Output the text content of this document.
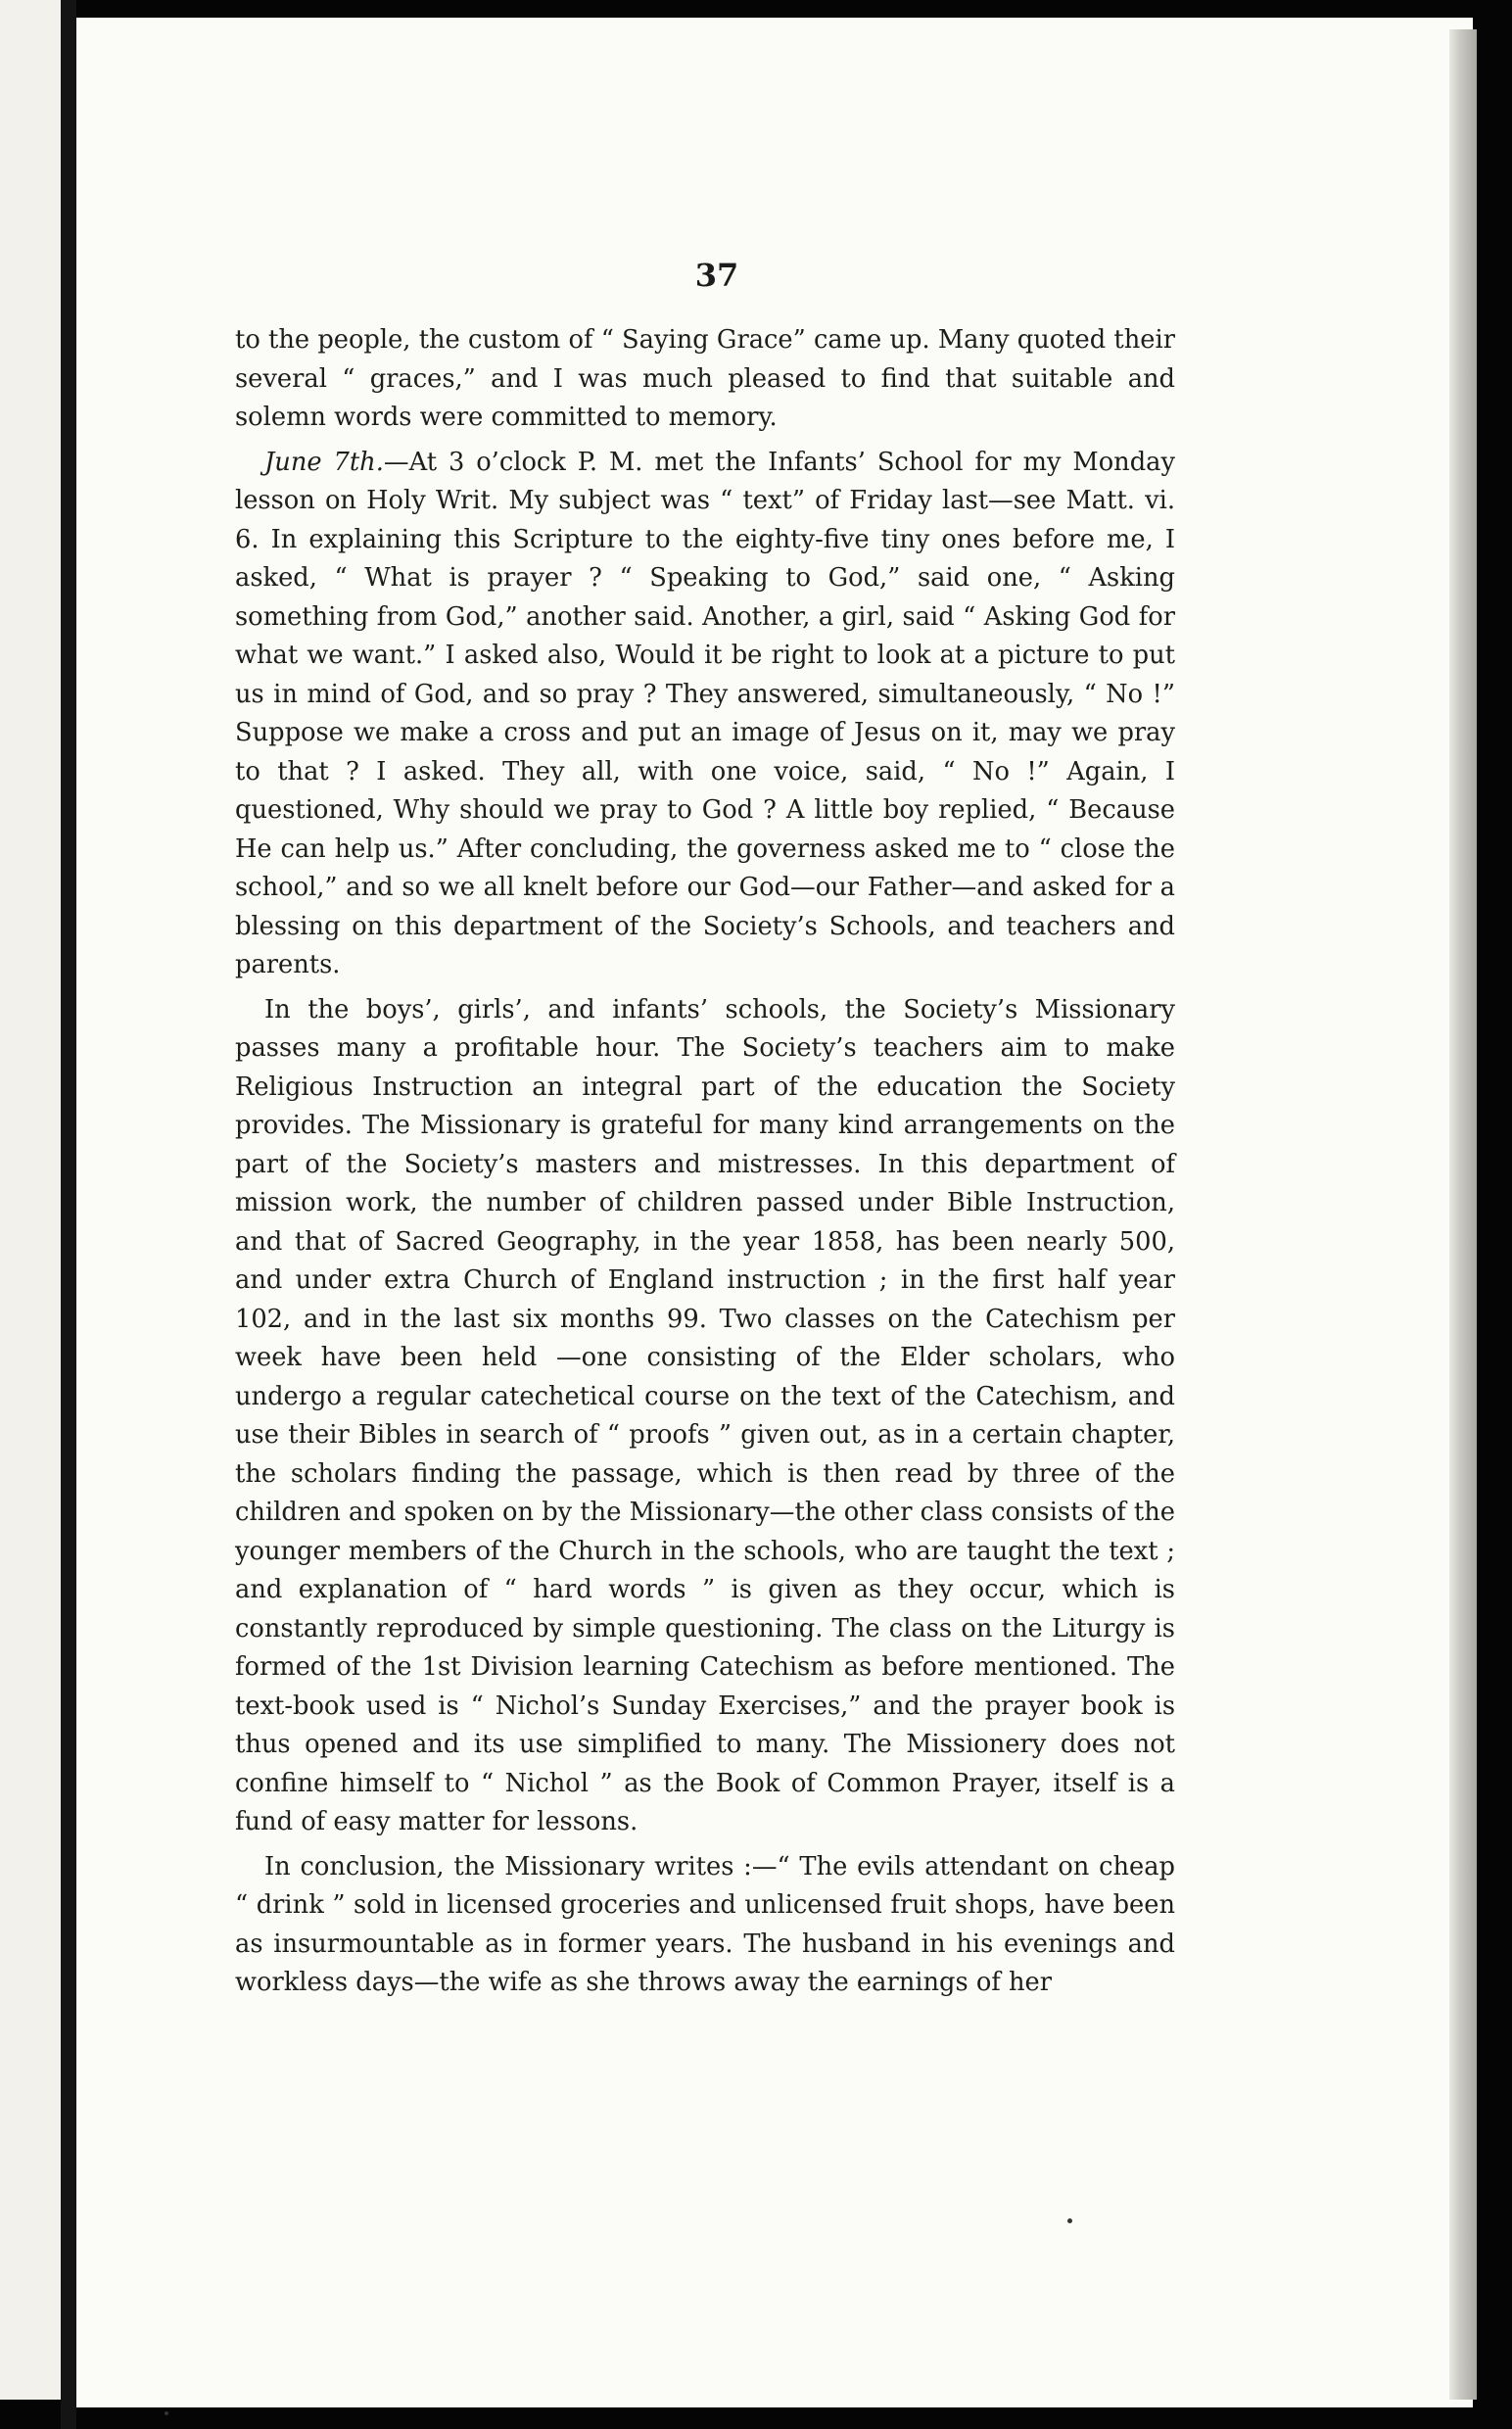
37

to the people, the custom of “ Saying Grace” came up. Many quoted their several “ graces,” and I was much pleased to find that suitable and solemn words were committed to memory.

June 7th.—At 3 o’clock P. M. met the Infants’ School for my Monday lesson on Holy Writ. My subject was “ text” of Friday last—see Matt. vi. 6. In explaining this Scripture to the eighty-five tiny ones before me, I asked, “ What is prayer ? “ Speaking to God,” said one, “ Asking something from God,” another said. Another, a girl, said “ Asking God for what we want.” I asked also, Would it be right to look at a picture to put us in mind of God, and so pray ? They answered, simultaneously, “ No !” Suppose we make a cross and put an image of Jesus on it, may we pray to that ? I asked. They all, with one voice, said, “ No !” Again, I questioned, Why should we pray to God ? A little boy replied, “ Because He can help us.” After concluding, the governess asked me to “ close the school,” and so we all knelt before our God—our Father—and asked for a blessing on this department of the Society’s Schools, and teachers and parents.

In the boys’, girls’, and infants’ schools, the Society’s Missionary passes many a profitable hour. The Society’s teachers aim to make Religious Instruction an integral part of the education the Society provides. The Missionary is grateful for many kind arrangements on the part of the Society’s masters and mistresses. In this department of mission work, the number of children passed under Bible Instruction, and that of Sacred Geography, in the year 1858, has been nearly 500, and under extra Church of England instruction ; in the first half year 102, and in the last six months 99. Two classes on the Catechism per week have been held —one consisting of the Elder scholars, who undergo a regular catechetical course on the text of the Catechism, and use their Bibles in search of “ proofs ” given out, as in a certain chapter, the scholars finding the passage, which is then read by three of the children and spoken on by the Missionary—the other class consists of the younger members of the Church in the schools, who are taught the text ; and explanation of “ hard words ” is given as they occur, which is constantly reproduced by simple questioning. The class on the Liturgy is formed of the 1st Division learning Catechism as before mentioned. The text-book used is “ Nichol’s Sunday Exercises,” and the prayer book is thus opened and its use simplified to many. The Missionery does not confine himself to “ Nichol ” as the Book of Common Prayer, itself is a fund of easy matter for lessons.

In conclusion, the Missionary writes :—“ The evils attendant on cheap “ drink ” sold in licensed groceries and unlicensed fruit shops, have been as insurmountable as in former years. The husband in his evenings and workless days—the wife as she throws away the earnings of her
